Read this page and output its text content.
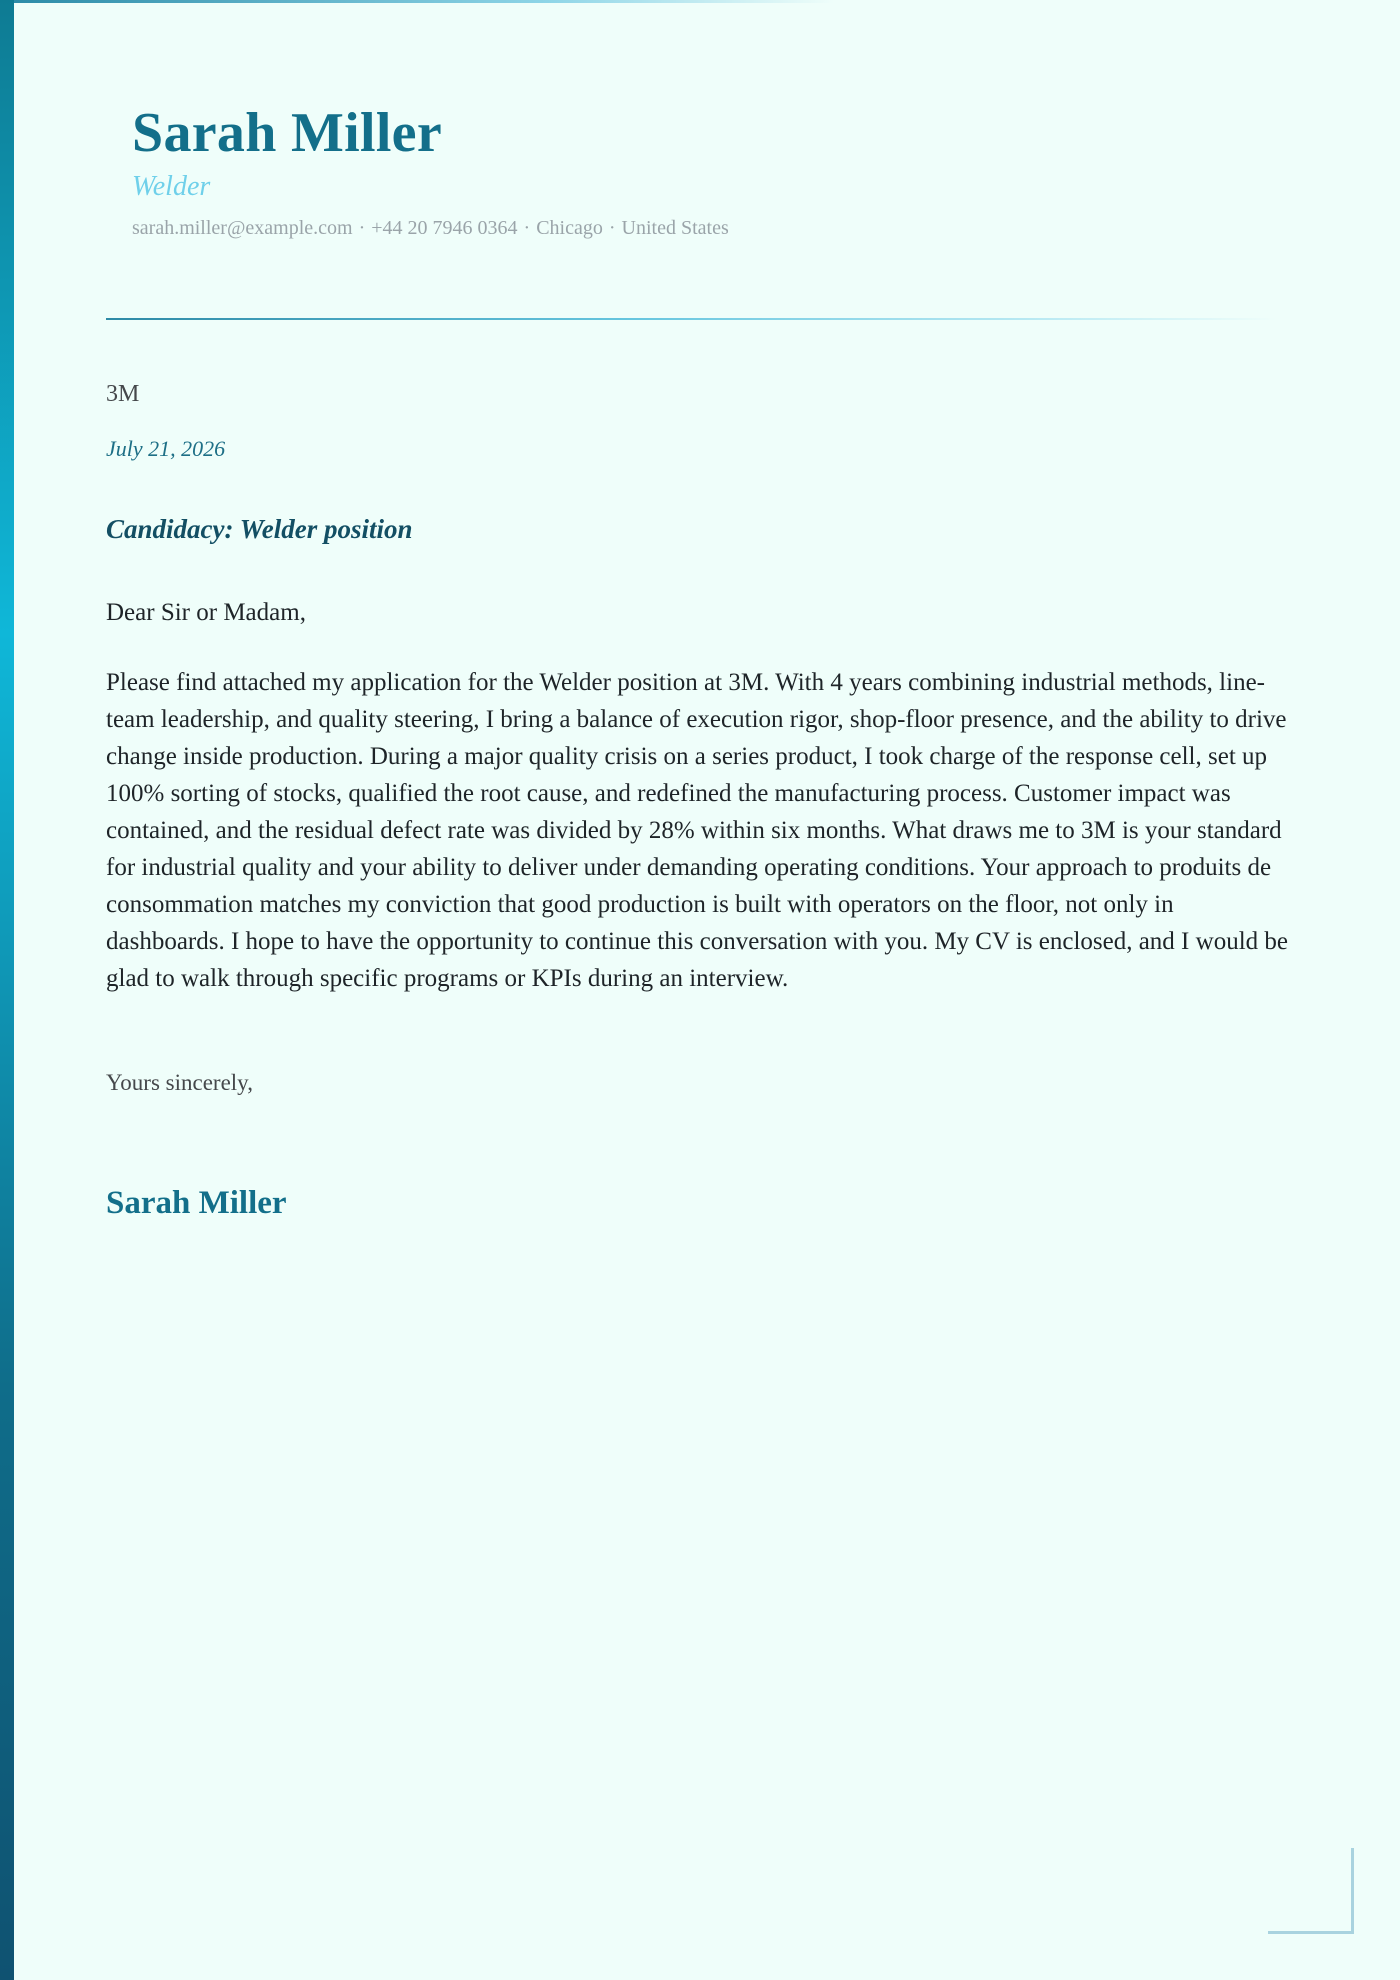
Sarah Miller
Welder
sarah.miller@example.com · +44 20 7946 0364 · Chicago · United States
3M
July 21, 2026
Candidacy: Welder position
Dear Sir or Madam,
Please find attached my application for the Welder position at 3M. With 4 years combining industrial methods, line-team leadership, and quality steering, I bring a balance of execution rigor, shop-floor presence, and the ability to drive change inside production. During a major quality crisis on a series product, I took charge of the response cell, set up 100% sorting of stocks, qualified the root cause, and redefined the manufacturing process. Customer impact was contained, and the residual defect rate was divided by 28% within six months. What draws me to 3M is your standard for industrial quality and your ability to deliver under demanding operating conditions. Your approach to produits de consommation matches my conviction that good production is built with operators on the floor, not only in dashboards. I hope to have the opportunity to continue this conversation with you. My CV is enclosed, and I would be glad to walk through specific programs or KPIs during an interview.
Yours sincerely,
Sarah Miller
